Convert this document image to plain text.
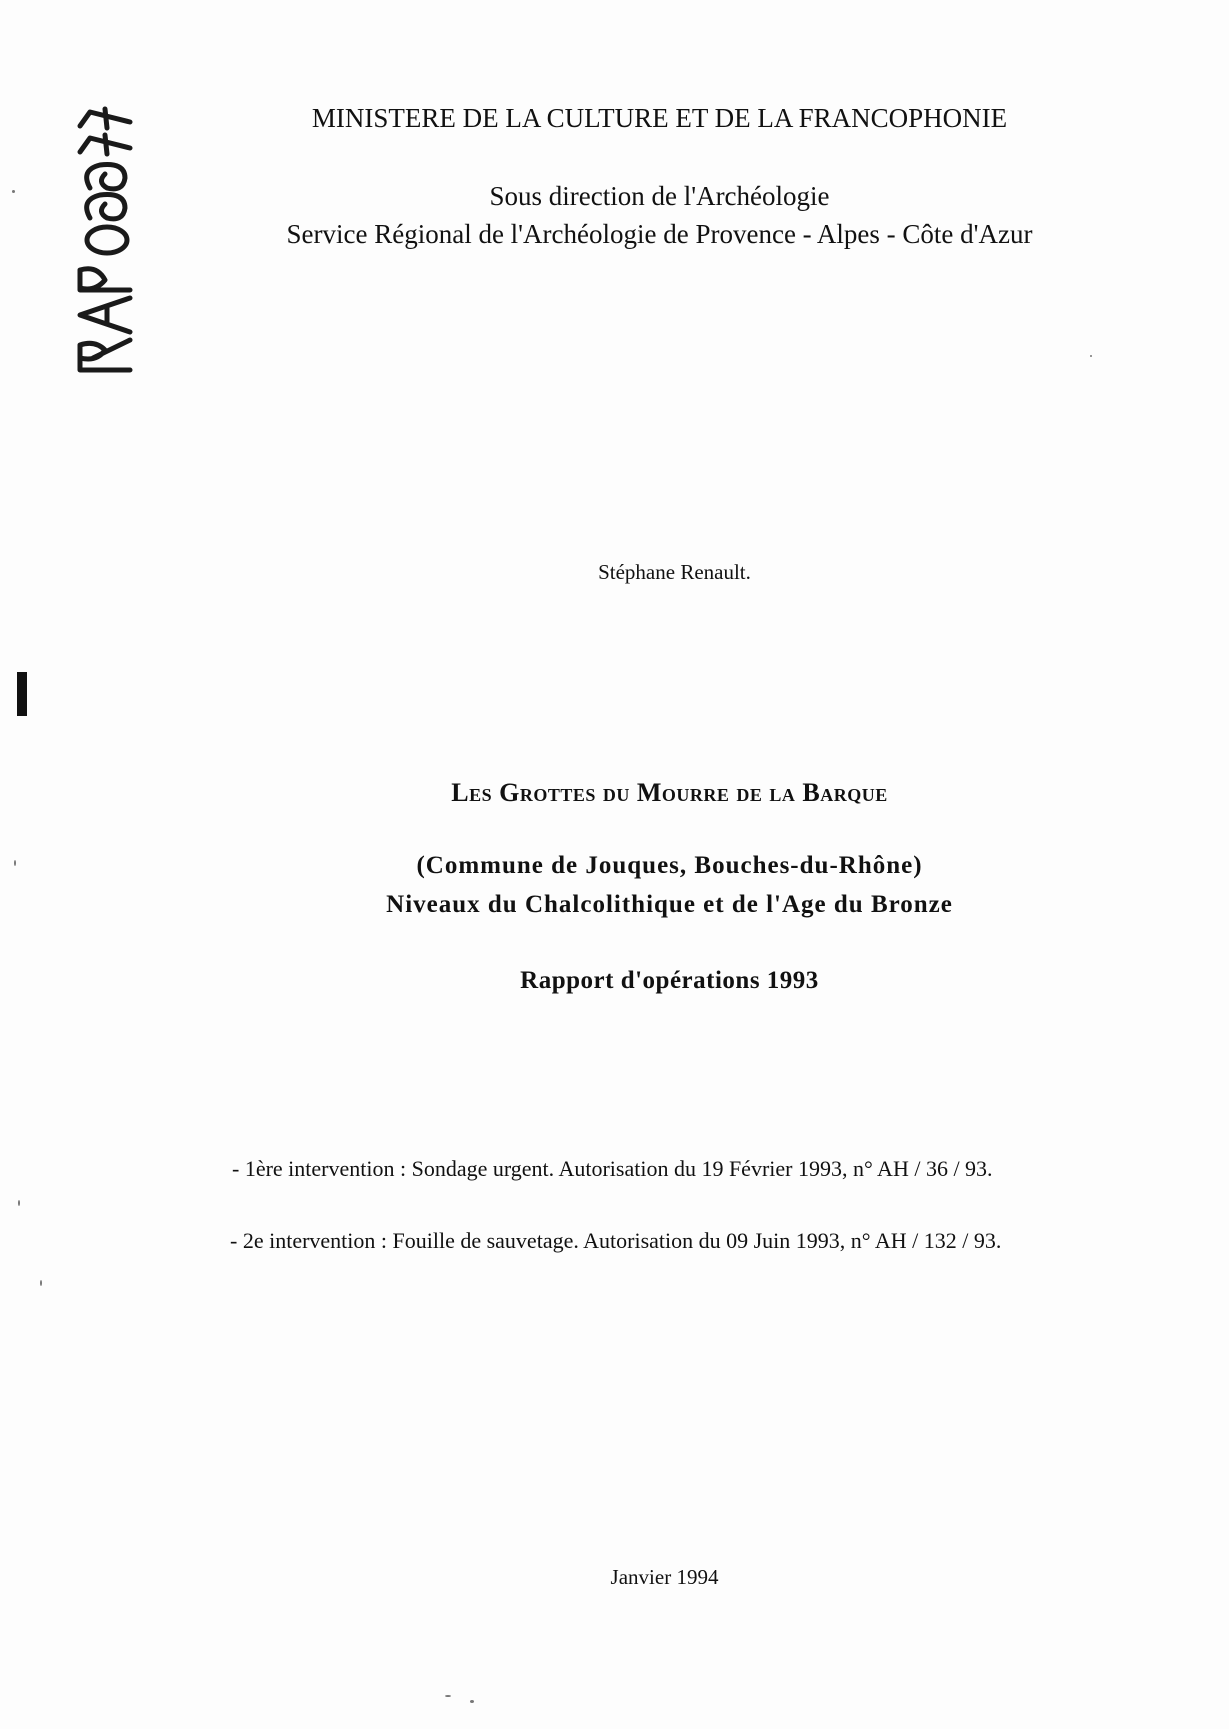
MINISTERE DE LA CULTURE ET DE LA FRANCOPHONIE
Sous direction de l'Archéologie
Service Régional de l'Archéologie de Provence - Alpes - Côte d'Azur
Stéphane Renault.
Les Grottes du Mourre de la Barque
(Commune de Jouques, Bouches-du-Rhône)
Niveaux du Chalcolithique et de l'Age du Bronze
Rapport d'opérations 1993
- 1ère intervention : Sondage urgent. Autorisation du 19 Février 1993, n° AH / 36 / 93.
- 2e intervention : Fouille de sauvetage. Autorisation du 09 Juin 1993, n° AH / 132 / 93.
Janvier 1994
